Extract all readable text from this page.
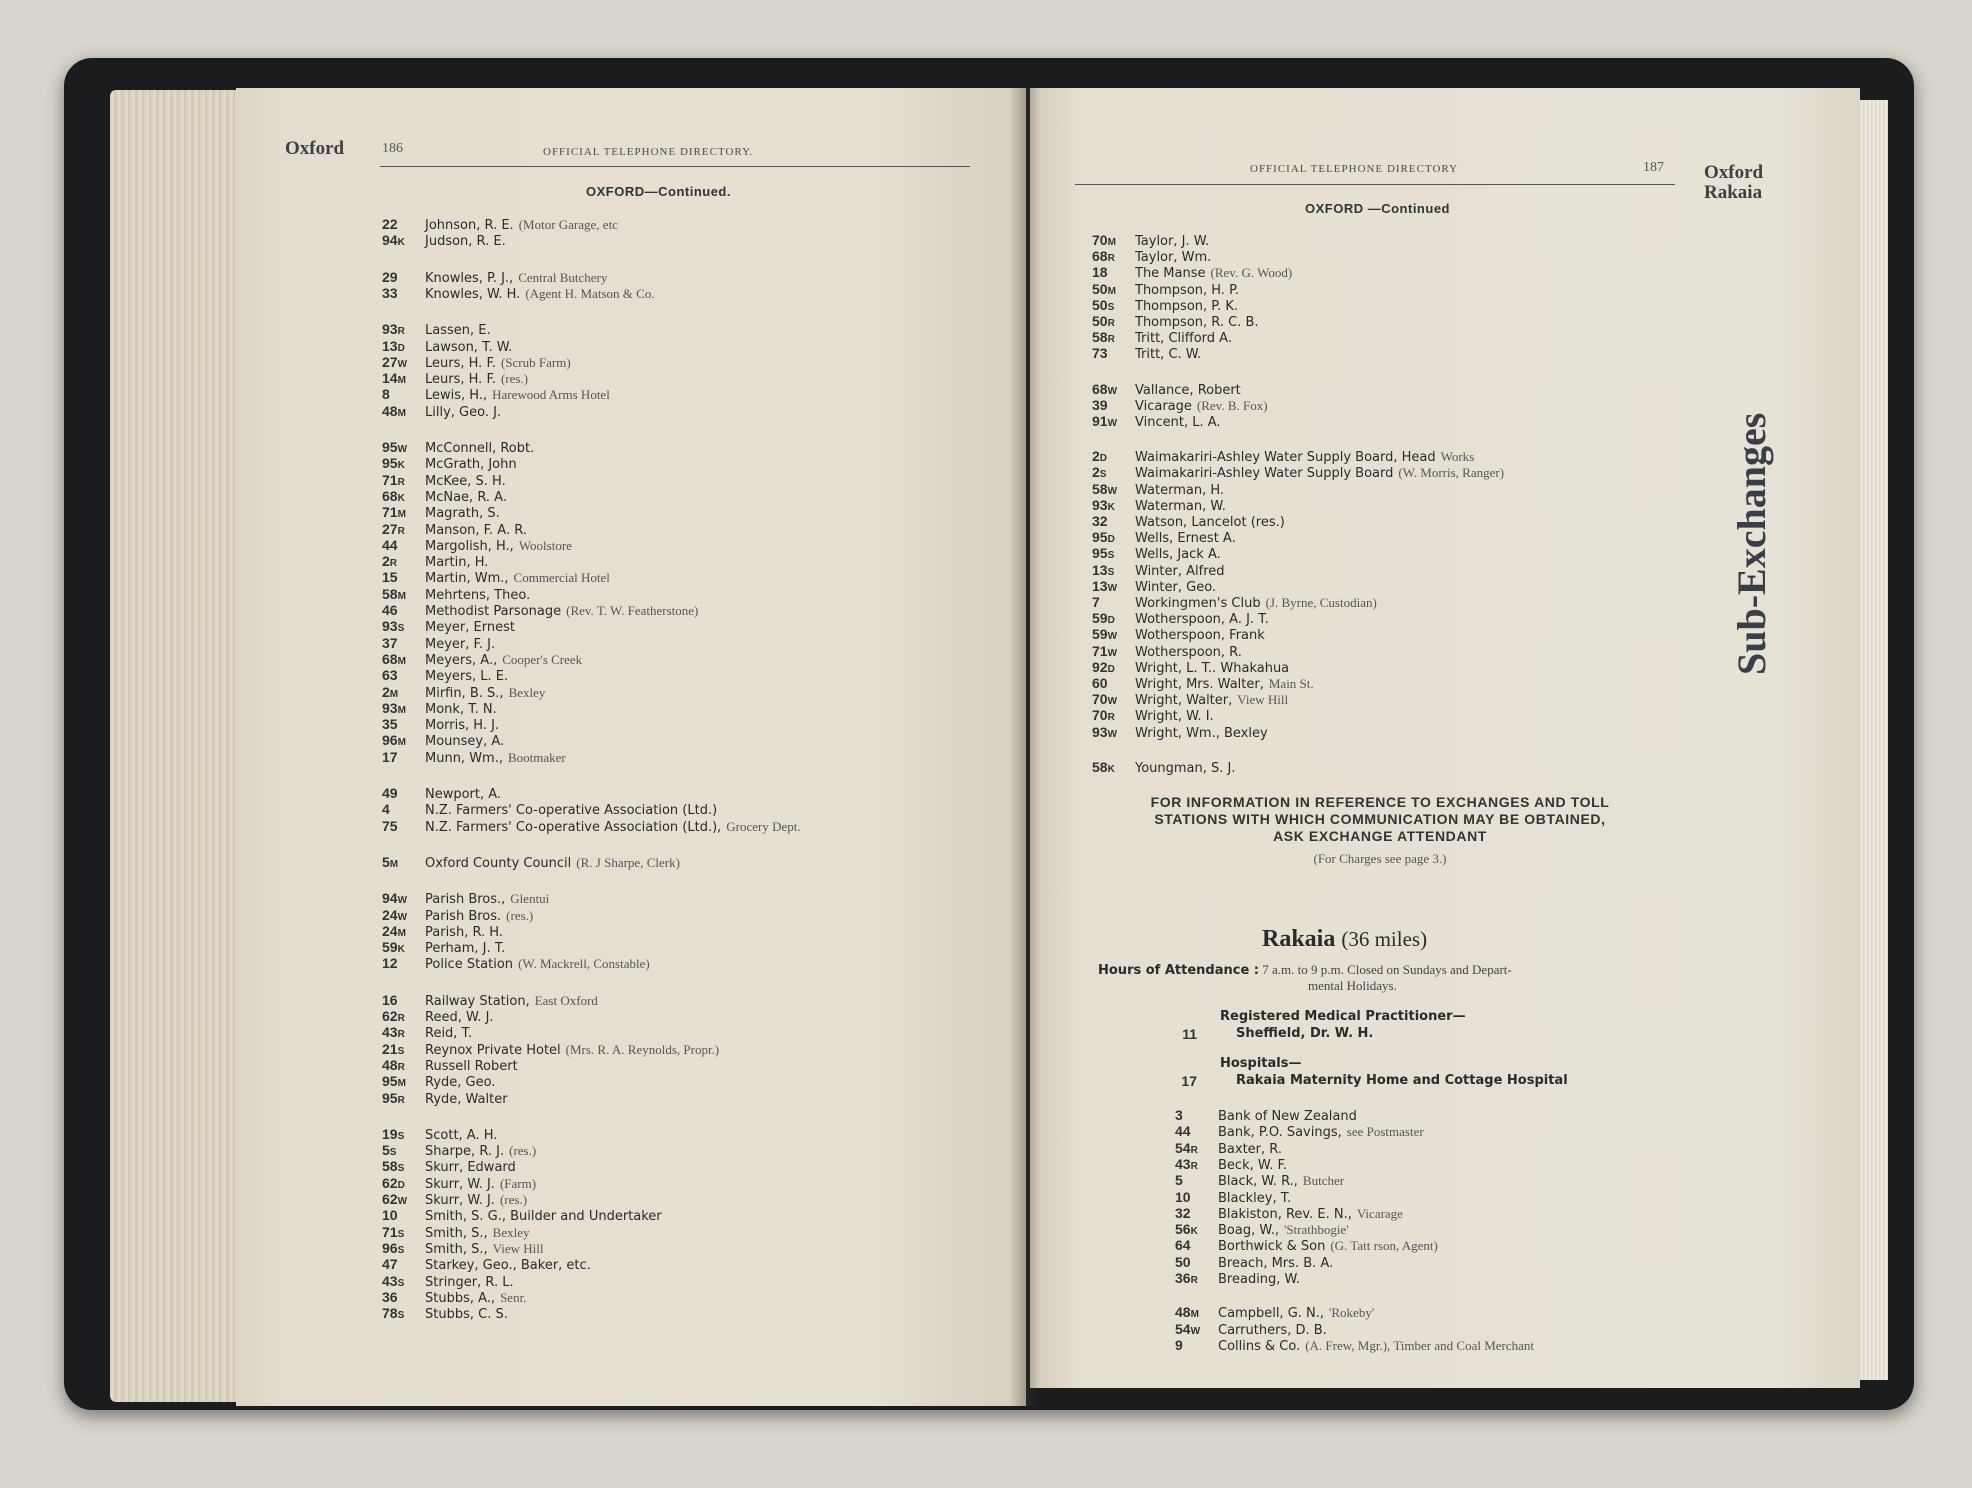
Oxford	186	OFFICIAL TELEPHONE DIRECTORY.
OXFORD—Continued.
22 Johnson, R. E. (Motor Garage, etc
94K Judson, R. E.
29 Knowles, P. J., Central Butchery
33 Knowles, W. H. (Agent H. Matson & Co.
93R Lassen, E.
13D Lawson, T. W.
27W Leurs, H. F. (Scrub Farm)
14M Leurs, H. F. (res.)
8	Lewis, H., Harewood Arms Hotel
48M Lilly, Geo. J.
95W McConnell, Robt.
95K McGrath, John
71R McKee, S. H.
68K McNae, R. A.
71M Magrath, S.
27R Manson, F. A. R.
44 Margolish, H., Woolstore
2R Martin, H.
15 Martin, Wm., Commercial Hotel
58M Mehrtens, Theo.
46 Methodist Parsonage (Rev. T. W. Featherstone)
93S Meyer, Ernest
37 Meyer, F. J.
68M Meyers, A., Cooper's Creek
63 Meyers, L. E.
2M Mirfin, B. S., Bexley
93M Monk, T. N.
35 Morris, H. J.
96M Mounsey, A.
17 Munn, Wm., Bootmaker
49 Newport, A.
4	N.Z. Farmers' Co-operative Association (Ltd.)
75 N.Z. Farmers' Co-operative Association (Ltd.), Grocery Dept.
5M Oxford County Council (R. J Sharpe, Clerk)
94W Parish Bros., Glentui
24W Parish Bros. (res.)
24M Parish, R. H.
59K Perham, J. T.
12 Police Station (W. Mackrell, Constable)
16 Railway Station, East Oxford
62R Reed, W. J.
43R Reid, T.
21S Reynox Private Hotel (Mrs. R. A. Reynolds, Propr.)
48R Russell Robert
95M Ryde, Geo.
95R Ryde, Walter
19S Scott, A. H.
5S Sharpe, R. J. (res.)
58S Skurr, Edward
62D Skurr, W. J. (Farm)
62W Skurr, W. J. (res.)
10 Smith, S. G., Builder and Undertaker
71S Smith, S., Bexley
96S Smith, S., View Hill
47 Starkey, Geo., Baker, etc.
43S Stringer, R. L.
36 Stubbs, A., Senr.
78S Stubbs, C. S.
OFFICIAL TELEPHONE DIRECTORY	187 Oxford
Rakaia
OXFORD —Continued
Sub-Exchanges
70M Taylor, J. W.
68R Taylor, Wm.
18 The Manse (Rev. G. Wood)
50M Thompson, H. P.
50S Thompson, P. K.
50R Thompson, R. C. B.
58R Tritt, Clifford A.
73 Tritt, C. W.
68W Vallance, Robert
39 Vicarage (Rev. B. Fox)
91W Vincent, L. A.
2D Waimakariri-Ashley Water Supply Board, Head Works
2S Waimakariri-Ashley Water Supply Board (W. Morris, Ranger)
58W Waterman, H.
93K Waterman, W.
32 Watson, Lancelot (res.)
95D Wells, Ernest A.
95S Wells, Jack A.
13S Winter, Alfred
13W Winter, Geo.
7	Workingmen's Club (J. Byrne, Custodian)
59D Wotherspoon, A. J. T.
59W Wotherspoon, Frank
71W Wotherspoon, R.
92D Wright, L. T.. Whakahua
60 Wright, Mrs. Walter, Main St.
70W Wright, Walter, View Hill
70R Wright, W. I.
93W Wright, Wm., Bexley
58K Youngman, S. J.
FOR INFORMATION IN REFERENCE TO EXCHANGES AND TOLL
STATIONS WITH WHICH COMMUNICATION MAY BE OBTAINED,
ASK EXCHANGE ATTENDANT
(For Charges see page 3.)
Rakaia (36 miles)
Hours of Attendance : 7 a.m. to 9 p.m. Closed on Sundays and Depart-
mental Holidays.
Registered Medical Practitioner—
11	Sheffield, Dr. W. H.
Hospitals—
17	Rakaia Maternity Home and Cottage Hospital
3	Bank of New Zealand
44 Bank, P.O. Savings, see Postmaster
54R Baxter, R.
43R Beck, W. F.
5	Black, W. R., Butcher
10 Blackley, T.
32 Blakiston, Rev. E. N., Vicarage
56K Boag, W., 'Strathbogie'
64 Borthwick & Son (G. Tatt rson, Agent)
50 Breach, Mrs. B. A.
36R Breading, W.
48M Campbell, G. N., 'Rokeby'
54W Carruthers, D. B.
9	Collins & Co. (A. Frew, Mgr.), Timber and Coal Merchant
